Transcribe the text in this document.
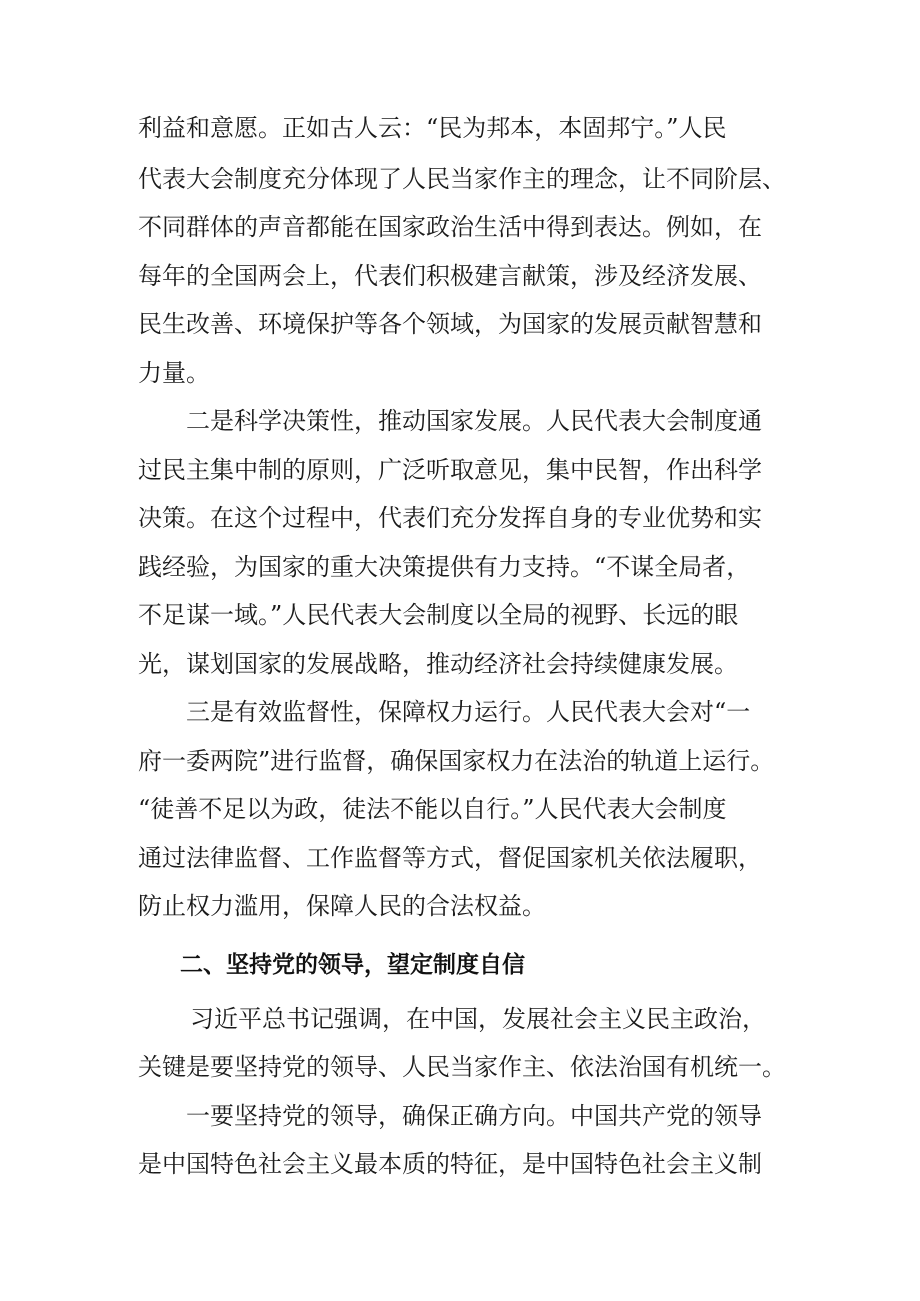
利益和意愿。正如古人云：“民为邦本，本固邦宁。”人民
代表大会制度充分体现了人民当家作主的理念，让不同阶层、
不同群体的声音都能在国家政治生活中得到表达。例如，在
每年的全国两会上，代表们积极建言献策，涉及经济发展、
民生改善、环境保护等各个领域，为国家的发展贡献智慧和
力量。
二是科学决策性，推动国家发展。人民代表大会制度通
过民主集中制的原则，广泛听取意见，集中民智，作出科学
决策。在这个过程中，代表们充分发挥自身的专业优势和实
践经验，为国家的重大决策提供有力支持。“不谋全局者，
不足谋一域。”人民代表大会制度以全局的视野、长远的眼
光，谋划国家的发展战略，推动经济社会持续健康发展。
三是有效监督性，保障权力运行。人民代表大会对“一
府一委两院”进行监督，确保国家权力在法治的轨道上运行。
“徒善不足以为政，徒法不能以自行。”人民代表大会制度
通过法律监督、工作监督等方式，督促国家机关依法履职，
防止权力滥用，保障人民的合法权益。
二、坚持党的领导，望定制度自信
习近平总书记强调，在中国，发展社会主义民主政治，
关键是要坚持党的领导、人民当家作主、依法治国有机统一。
一要坚持党的领导，确保正确方向。中国共产党的领导
是中国特色社会主义最本质的特征，是中国特色社会主义制
